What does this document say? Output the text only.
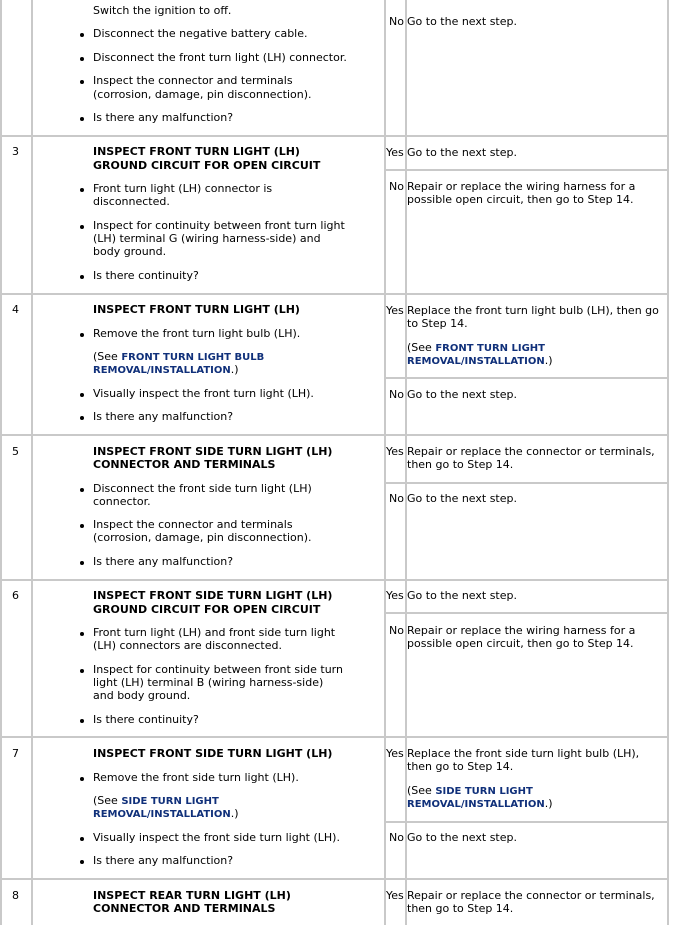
Switch the ignition to off.
Disconnect the negative battery cable.
Disconnect the front turn light (LH) connector.
Inspect the connector and terminals
(corrosion, damage, pin disconnection).
Is there any malfunction?
No Go to the next step.
3	INSPECT FRONT TURN LIGHT (LH)
GROUND CIRCUIT FOR OPEN CIRCUIT
Front turn light (LH) connector is
disconnected.
Inspect for continuity between front turn light
(LH) terminal G (wiring harness-side) and
body ground.
Is there continuity?
Yes Go to the next step.
No Repair or replace the wiring harness for a
possible open circuit, then go to Step 14.
4	INSPECT FRONT TURN LIGHT (LH)
Remove the front turn light bulb (LH).
(See FRONT TURN LIGHT BULB
REMOVAL/INSTALLATION.)
Visually inspect the front turn light (LH).
Is there any malfunction?
Yes Replace the front turn light bulb (LH), then go
to Step 14.
(See FRONT TURN LIGHT
REMOVAL/INSTALLATION.)
No Go to the next step.
5	INSPECT FRONT SIDE TURN LIGHT (LH)
CONNECTOR AND TERMINALS
Disconnect the front side turn light (LH)
connector.
Inspect the connector and terminals
(corrosion, damage, pin disconnection).
Is there any malfunction?
Yes Repair or replace the connector or terminals,
then go to Step 14.
No Go to the next step.
6	INSPECT FRONT SIDE TURN LIGHT (LH)
GROUND CIRCUIT FOR OPEN CIRCUIT
Front turn light (LH) and front side turn light
(LH) connectors are disconnected.
Inspect for continuity between front side turn
light (LH) terminal B (wiring harness-side)
and body ground.
Is there continuity?
Yes Go to the next step.
No Repair or replace the wiring harness for a
possible open circuit, then go to Step 14.
7	INSPECT FRONT SIDE TURN LIGHT (LH)
Remove the front side turn light (LH).
(See SIDE TURN LIGHT
REMOVAL/INSTALLATION.)
Visually inspect the front side turn light (LH).
Is there any malfunction?
Yes Replace the front side turn light bulb (LH),
then go to Step 14.
(See SIDE TURN LIGHT
REMOVAL/INSTALLATION.)
No Go to the next step.
8	INSPECT REAR TURN LIGHT (LH)
CONNECTOR AND TERMINALS
Yes Repair or replace the connector or terminals,
then go to Step 14.
